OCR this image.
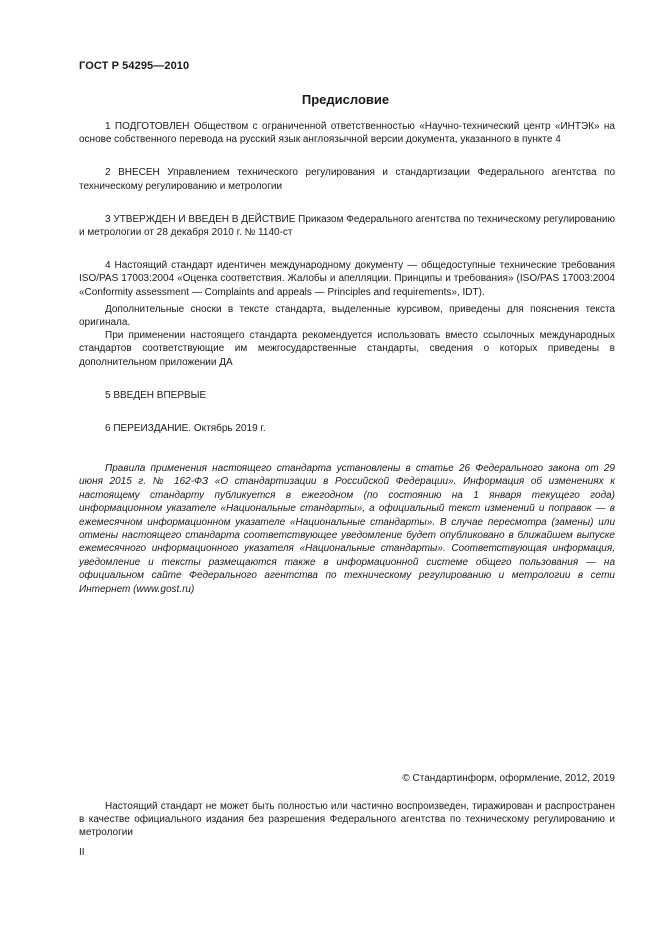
ГОСТ Р 54295—2010
Предисловие

1 ПОДГОТОВЛЕН Обществом с ограниченной ответственностью «Научно-технический центр «ИНТЭК» на основе собственного перевода на русский язык англоязычной версии документа, указанного в пункте 4

2 ВНЕСЕН Управлением технического регулирования и стандартизации Федерального агентства по техническому регулированию и метрологии

3 УТВЕРЖДЕН И ВВЕДЕН В ДЕЙСТВИЕ Приказом Федерального агентства по техническому регулированию и метрологии от 28 декабря 2010 г. № 1140-ст

4 Настоящий стандарт идентичен международному документу — общедоступные технические требования ISO/PAS 17003:2004 «Оценка соответствия. Жалобы и апелляции. Принципы и требования» (ISO/PAS 17003:2004 «Conformity assessment — Complaints and appeals — Principles and requirements», IDT).

Дополнительные сноски в тексте стандарта, выделенные курсивом, приведены для пояснения текста оригинала.

При применении настоящего стандарта рекомендуется использовать вместо ссылочных международных стандартов соответствующие им межгосударственные стандарты, сведения о которых приведены в дополнительном приложении ДА

5 ВВЕДЕН ВПЕРВЫЕ

6 ПЕРЕИЗДАНИЕ. Октябрь 2019 г.

Правила применения настоящего стандарта установлены в статье 26 Федерального закона от 29 июня 2015 г. № 162-ФЗ «О стандартизации в Российской Федерации». Информация об изменениях к настоящему стандарту публикуется в ежегодном (по состоянию на 1 января текущего года) информационном указателе «Национальные стандарты», а официальный текст изменений и поправок — в ежемесячном информационном указателе «Национальные стандарты». В случае пересмотра (замены) или отмены настоящего стандарта соответствующее уведомление будет опубликовано в ближайшем выпуске ежемесячного информационного указателя «Национальные стандарты». Соответствующая информация, уведомление и тексты размещаются также в информационной системе общего пользования — на официальном сайте Федерального агентства по техническому регулированию и метрологии в сети Интернет (www.gost.ru)

© Стандартинформ, оформление, 2012, 2019

Настоящий стандарт не может быть полностью или частично воспроизведен, тиражирован и распространен в качестве официального издания без разрешения Федерального агентства по техническому регулированию и метрологии

II
